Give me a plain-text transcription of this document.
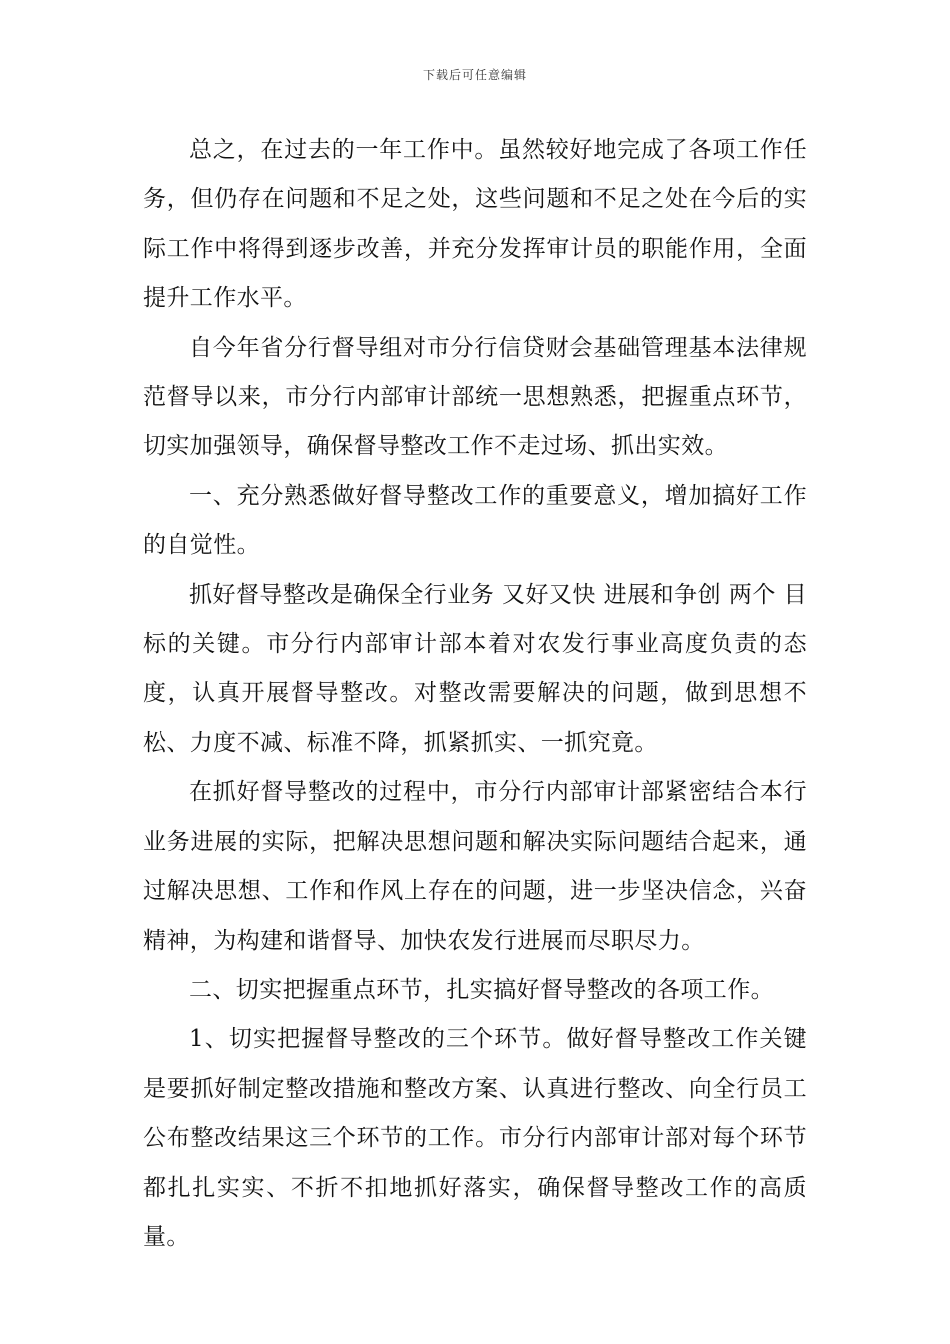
下载后可任意编辑

总之，在过去的一年工作中。虽然较好地完成了各项工作任务，但仍存在问题和不足之处，这些问题和不足之处在今后的实际工作中将得到逐步改善，并充分发挥审计员的职能作用，全面提升工作水平。

自今年省分行督导组对市分行信贷财会基础管理基本法律规范督导以来，市分行内部审计部统一思想熟悉，把握重点环节，切实加强领导，确保督导整改工作不走过场、抓出实效。

一、充分熟悉做好督导整改工作的重要意义，增加搞好工作的自觉性。

抓好督导整改是确保全行业务 又好又快 进展和争创 两个 目标的关键。市分行内部审计部本着对农发行事业高度负责的态度，认真开展督导整改。对整改需要解决的问题，做到思想不松、力度不减、标准不降，抓紧抓实、一抓究竟。

在抓好督导整改的过程中，市分行内部审计部紧密结合本行业务进展的实际，把解决思想问题和解决实际问题结合起来，通过解决思想、工作和作风上存在的问题，进一步坚决信念，兴奋精神，为构建和谐督导、加快农发行进展而尽职尽力。

二、切实把握重点环节，扎实搞好督导整改的各项工作。

1、切实把握督导整改的三个环节。做好督导整改工作关键是要抓好制定整改措施和整改方案、认真进行整改、向全行员工公布整改结果这三个环节的工作。市分行内部审计部对每个环节都扎扎实实、不折不扣地抓好落实，确保督导整改工作的高质量。
